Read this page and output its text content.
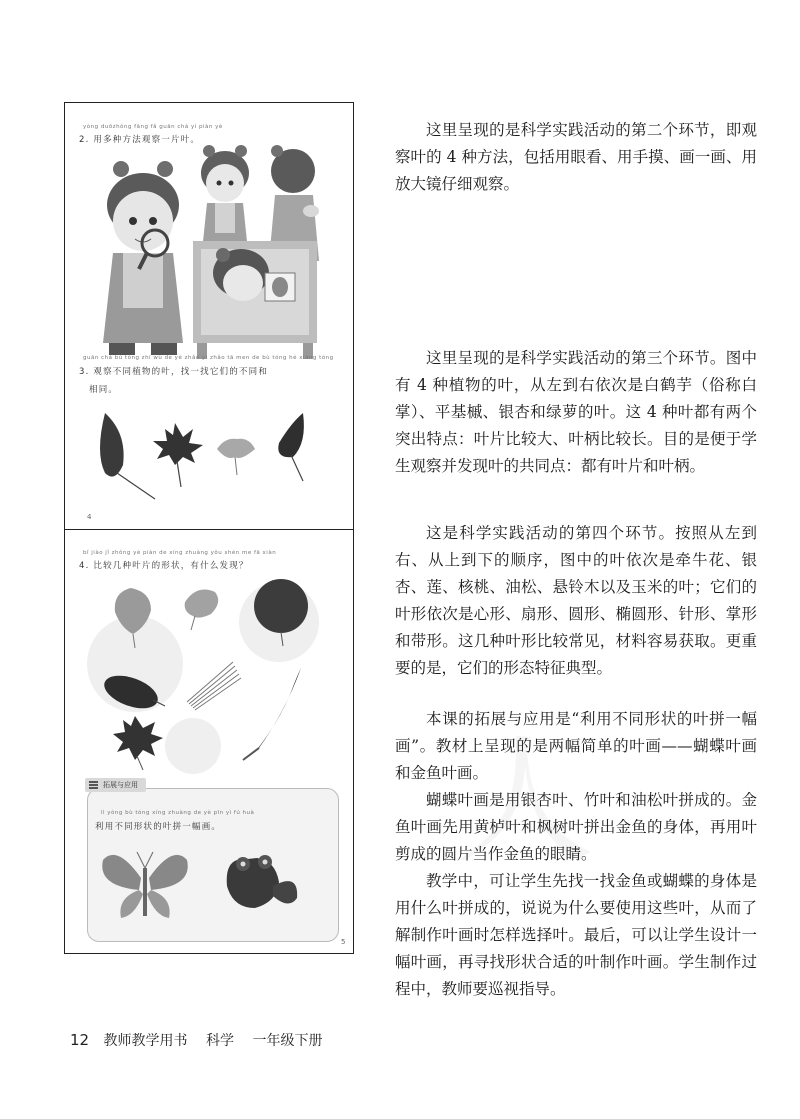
yòng duōzhǒng fāng fǎ guān chá yí piàn yè
2. 用多种方法观察一片叶。
guān chá bù tóng zhí wù de yè zhǎo yì zhǎo tā men de bù tóng hé xiāng tóng
3. 观察不同植物的叶，找一找它们的不同和
相同。
4
bǐ jiào jǐ zhǒng yè piàn de xíng zhuàng yǒu shén me fā xiàn
4. 比较几种叶片的形状，有什么发现？
拓展与应用
lì yòng bù tóng xíng zhuàng de yè pīn yì fú huà
利用不同形状的叶拼一幅画。
5

这里呈现的是科学实践活动的第二个环节，即观察叶的 4 种方法，包括用眼看、用手摸、画一画、用放大镜仔细观察。

这里呈现的是科学实践活动的第三个环节。图中有 4 种植物的叶，从左到右依次是白鹤芋（俗称白掌）、平基槭、银杏和绿萝的叶。这 4 种叶都有两个突出特点：叶片比较大、叶柄比较长。目的是便于学生观察并发现叶的共同点：都有叶片和叶柄。

这是科学实践活动的第四个环节。按照从左到右、从上到下的顺序，图中的叶依次是牵牛花、银杏、莲、核桃、油松、悬铃木以及玉米的叶；它们的叶形依次是心形、扇形、圆形、椭圆形、针形、掌形和带形。这几种叶形比较常见，材料容易获取。更重要的是，它们的形态特征典型。

本课的拓展与应用是“利用不同形状的叶拼一幅画”。教材上呈现的是两幅简单的叶画——蝴蝶叶画和金鱼叶画。

蝴蝶叶画是用银杏叶、竹叶和油松叶拼成的。金鱼叶画先用黄栌叶和枫树叶拼出金鱼的身体，再用叶剪成的圆片当作金鱼的眼睛。

教学中，可让学生先找一找金鱼或蝴蝶的身体是用什么叶拼成的，说说为什么要使用这些叶，从而了解制作叶画时怎样选择叶。最后，可以让学生设计一幅叶画，再寻找形状合适的叶制作叶画。学生制作过程中，教师要巡视指导。

12 教师教学用书 科学 一年级下册
